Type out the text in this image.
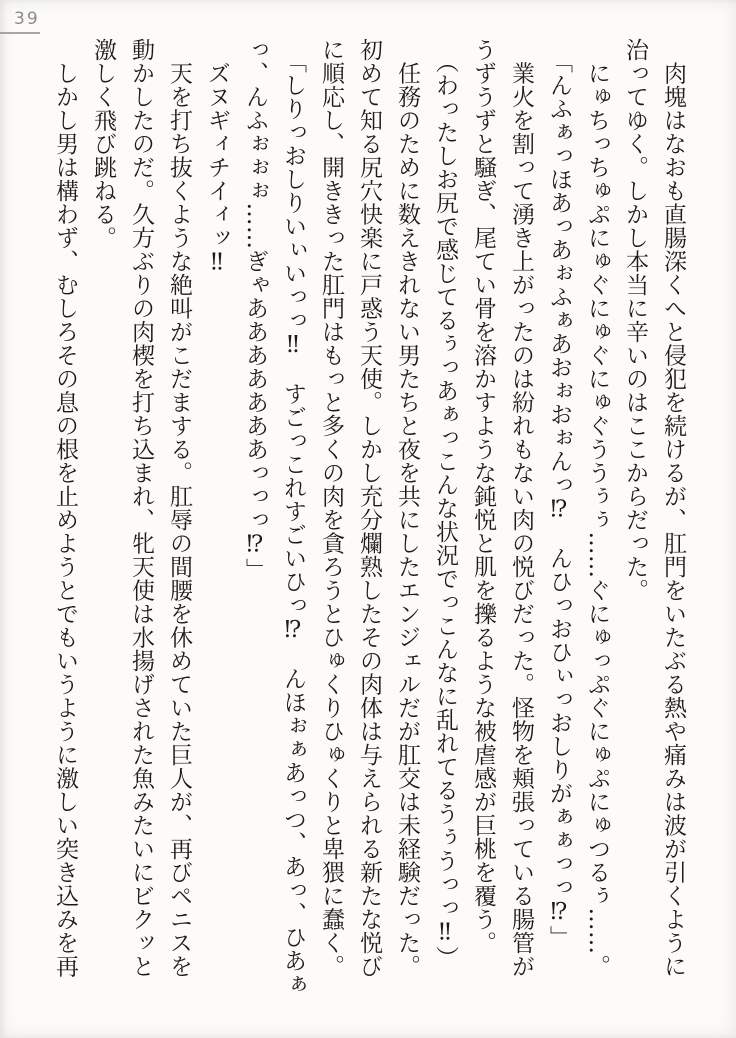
39

　肉塊はなおも直腸深くへと侵犯を続けるが、肛門をいたぶる熱や痛みは波が引くように

治ってゆく。しかし本当に辛いのはここからだった。

　にゅちっちゅぷにゅぐにゅぐにゅぐううぅぅ……ぐにゅっぷぐにゅぷにゅつるぅ……。

　「んふぁっほあっあぉふぁあおぉおぉんっ⁉　んひっおひぃっおしりがぁぁっっ⁉」

　業火を割って湧き上がったのは紛れもない肉の悦びだった。怪物を頬張っている腸管が

うずうずと騒ぎ、尾てい骨を溶かすような鈍悦と肌を擽るような被虐感が巨桃を覆う。

　（わったしお尻で感じてるぅっあぁっこんな状況でっこんなに乱れてるうぅうっっ‼）

　任務のために数えきれない男たちと夜を共にしたエンジェルだが肛交は未経験だった。

初めて知る尻穴快楽に戸惑う天使。しかし充分爛熟したその肉体は与えられる新たな悦び

に順応し、開ききった肛門はもっと多くの肉を貪ろうとひゅくりひゅくりと卑猥に蠢く。

　「しりっおしりいぃいっっ‼　すごっこれすごいひっ⁉　んほぉぁあっつ、あっ、ひあぁ

っ、んふぉぉぉ……ぎゃあああああああっっっ⁉」

　ズヌギィチイィッ‼

　天を打ち抜くような絶叫がこだまする。肛辱の間腰を休めていた巨人が、再びペニスを

動かしたのだ。久方ぶりの肉楔を打ち込まれ、牝天使は水揚げされた魚みたいにビクッと

激しく飛び跳ねる。

　しかし男は構わず、むしろその息の根を止めようとでもいうように激しい突き込みを再
